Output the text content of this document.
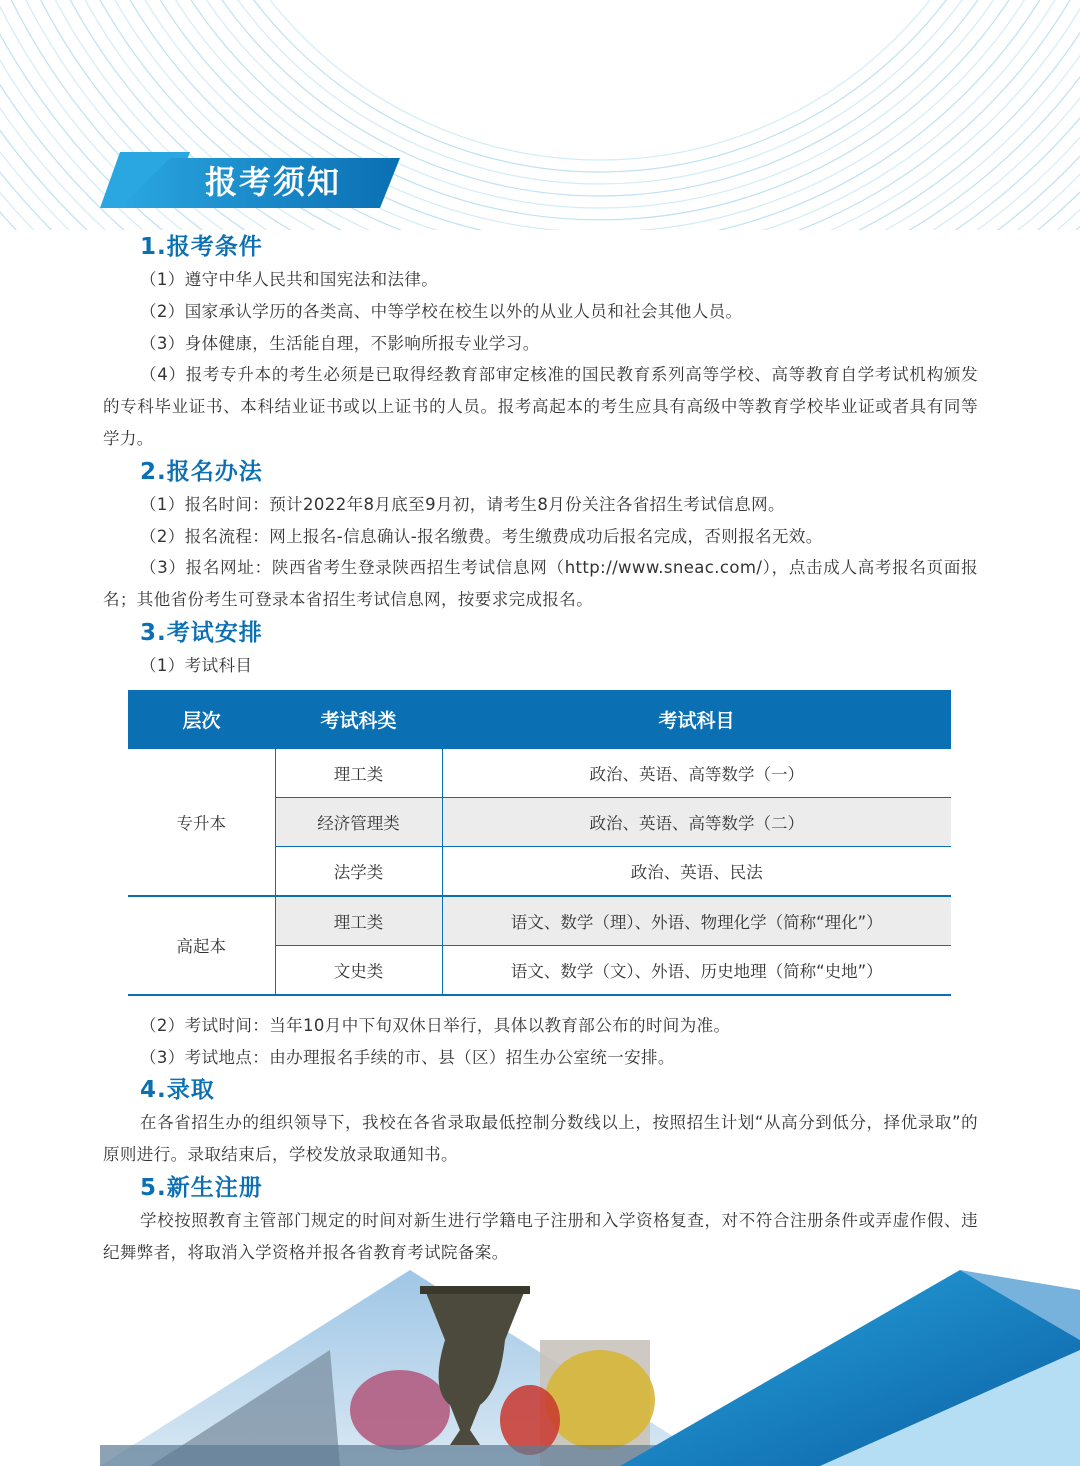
报考须知
1.报考条件

（1）遵守中华人民共和国宪法和法律。

（2）国家承认学历的各类高、中等学校在校生以外的从业人员和社会其他人员。

（3）身体健康，生活能自理，不影响所报专业学习。

（4）报考专升本的考生必须是已取得经教育部审定核准的国民教育系列高等学校、高等教育自学考试机构颁发的专科毕业证书、本科结业证书或以上证书的人员。报考高起本的考生应具有高级中等教育学校毕业证或者具有同等学力。

2.报名办法

（1）报名时间：预计2022年8月底至9月初，请考生8月份关注各省招生考试信息网。

（2）报名流程：网上报名-信息确认-报名缴费。考生缴费成功后报名完成，否则报名无效。

（3）报名网址：陕西省考生登录陕西招生考试信息网（http://www.sneac.com/），点击成人高考报名页面报名；其他省份考生可登录本省招生考试信息网，按要求完成报名。

3.考试安排

（1）考试科目

层次	考试科类	考试科目
专升本	理工类	政治、英语、高等数学（一）
	经济管理类	政治、英语、高等数学（二）
	法学类	政治、英语、民法
高起本	理工类	语文、数学（理）、外语、物理化学（简称“理化”）
	文史类	语文、数学（文）、外语、历史地理（简称“史地”）

（2）考试时间：当年10月中下旬双休日举行，具体以教育部公布的时间为准。

（3）考试地点：由办理报名手续的市、县（区）招生办公室统一安排。

4.录取

在各省招生办的组织领导下，我校在各省录取最低控制分数线以上，按照招生计划“从高分到低分，择优录取”的原则进行。录取结束后，学校发放录取通知书。

5.新生注册

学校按照教育主管部门规定的时间对新生进行学籍电子注册和入学资格复查，对不符合注册条件或弄虚作假、违纪舞弊者，将取消入学资格并报各省教育考试院备案。
